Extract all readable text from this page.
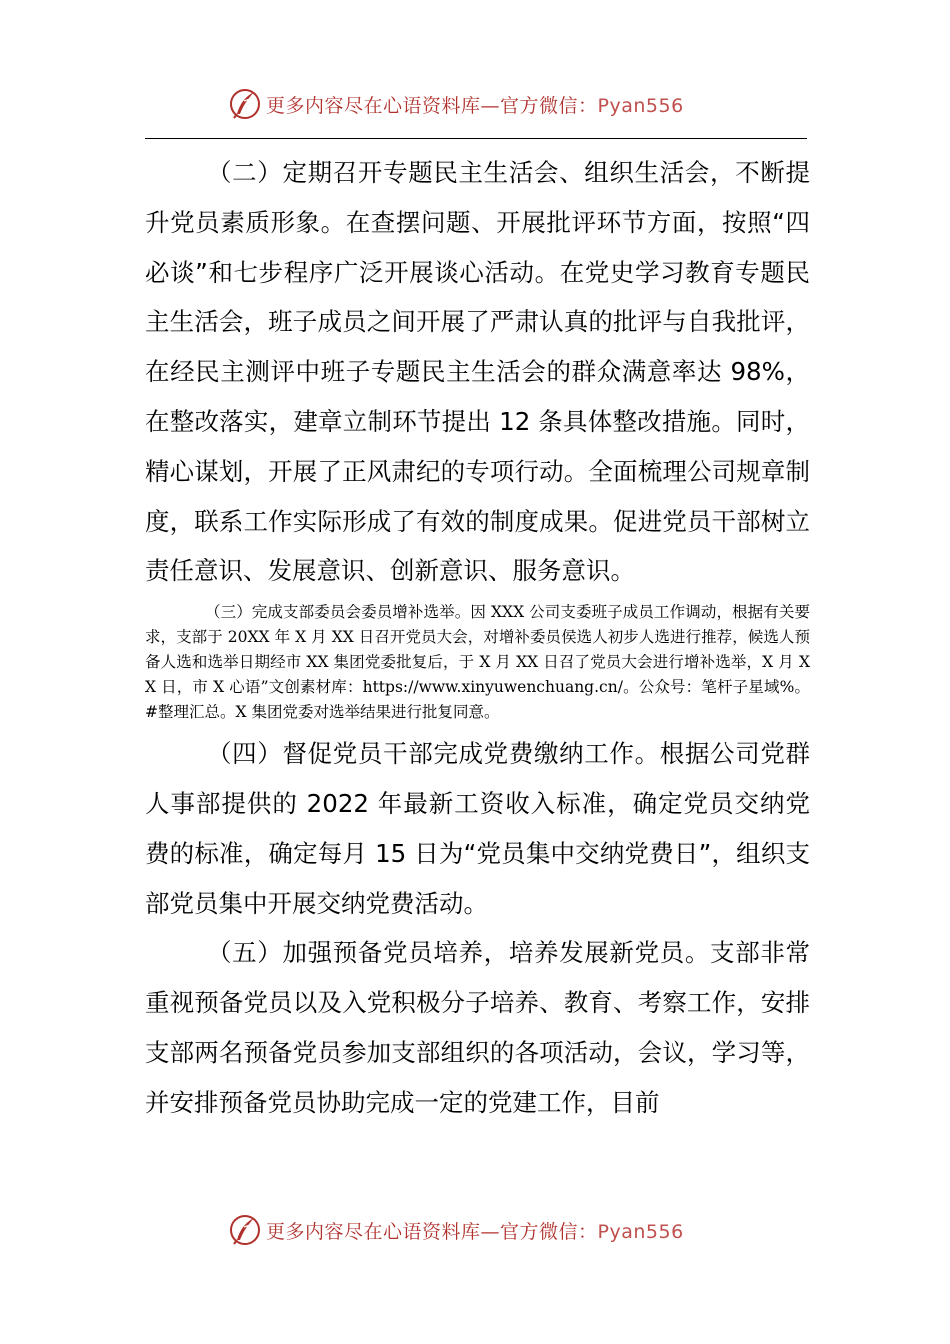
更多内容尽在心语资料库—官方微信：Pyan556

（二）定期召开专题民主生活会、组织生活会，不断提升党员素质形象。在查摆问题、开展批评环节方面，按照“四必谈”和七步程序广泛开展谈心活动。在党史学习教育专题民主生活会，班子成员之间开展了严肃认真的批评与自我批评，在经民主测评中班子专题民主生活会的群众满意率达 98%，在整改落实，建章立制环节提出 12 条具体整改措施。同时，精心谋划，开展了正风肃纪的专项行动。全面梳理公司规章制度，联系工作实际形成了有效的制度成果。促进党员干部树立责任意识、发展意识、创新意识、服务意识。

（三）完成支部委员会委员增补选举。因 XXX 公司支委班子成员工作调动，根据有关要求，支部于 20XX 年 X 月 XX 日召开党员大会，对增补委员侯选人初步人选进行推荐，候选人预备人选和选举日期经市 XX 集团党委批复后，于 X 月 XX 日召了党员大会进行增补选举，X 月 XX 日，市 X 心语”文创素材库：https://www.xinyuwenchuang.cn/。公众号：笔杆子星域%。#整理汇总。X 集团党委对选举结果进行批复同意。

（四）督促党员干部完成党费缴纳工作。根据公司党群人事部提供的 2022 年最新工资收入标准，确定党员交纳党费的标准，确定每月 15 日为“党员集中交纳党费日”，组织支部党员集中开展交纳党费活动。

（五）加强预备党员培养，培养发展新党员。支部非常重视预备党员以及入党积极分子培养、教育、考察工作，安排支部两名预备党员参加支部组织的各项活动，会议，学习等，并安排预备党员协助完成一定的党建工作，目前

更多内容尽在心语资料库—官方微信：Pyan556
